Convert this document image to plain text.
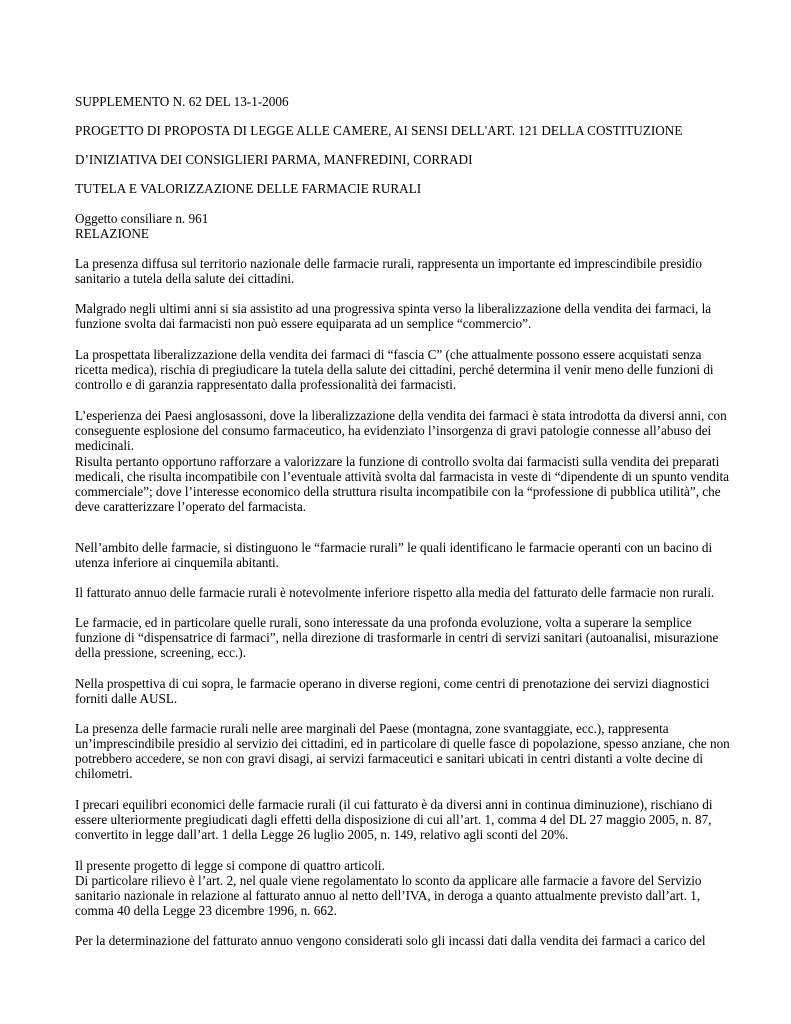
SUPPLEMENTO N. 62 DEL 13-1-2006
PROGETTO DI PROPOSTA DI LEGGE ALLE CAMERE, AI SENSI DELL'ART. 121 DELLA COSTITUZIONE
D’INIZIATIVA DEI CONSIGLIERI PARMA, MANFREDINI, CORRADI
TUTELA E VALORIZZAZIONE DELLE FARMACIE RURALI
Oggetto consiliare n. 961
RELAZIONE
La presenza diffusa sul territorio nazionale delle farmacie rurali, rappresenta un importante ed imprescindibile presidio
sanitario a tutela della salute dei cittadini.
Malgrado negli ultimi anni si sia assistito ad una progressiva spinta verso la liberalizzazione della vendita dei farmaci, la
funzione svolta dai farmacisti non può essere equiparata ad un semplice “commercio”.
La prospettata liberalizzazione della vendita dei farmaci di “fascia C” (che attualmente possono essere acquistati senza
ricetta medica), rischia di pregiudicare la tutela della salute dei cittadini, perché determina il venir meno delle funzioni di
controllo e di garanzia rappresentato dalla professionalità dei farmacisti.
L’esperienza dei Paesi anglosassoni, dove la liberalizzazione della vendita dei farmaci è stata introdotta da diversi anni, con
conseguente esplosione del consumo farmaceutico, ha evidenziato l’insorgenza di gravi patologie connesse all’abuso dei
medicinali.
Risulta pertanto opportuno rafforzare a valorizzare la funzione di controllo svolta dai farmacisti sulla vendita dei preparati
medicali, che risulta incompatibile con l’eventuale attività svolta dal farmacista in veste di “dipendente di un spunto vendita
commerciale”; dove l’interesse economico della struttura risulta incompatibile con la “professione di pubblica utilità”, che
deve caratterizzare l’operato del farmacista.
Nell’ambito delle farmacie, si distinguono le “farmacie rurali” le quali identificano le farmacie operanti con un bacino di
utenza inferiore ai cinquemila abitanti.
Il fatturato annuo delle farmacie rurali è notevolmente inferiore rispetto alla media del fatturato delle farmacie non rurali.
Le farmacie, ed in particolare quelle rurali, sono interessate da una profonda evoluzione, volta a superare la semplice
funzione di “dispensatrice di farmaci”, nella direzione di trasformarle in centri di servizi sanitari (autoanalisi, misurazione
della pressione, screening, ecc.).
Nella prospettiva di cui sopra, le farmacie operano in diverse regioni, come centri di prenotazione dei servizi diagnostici
forniti dalle AUSL.
La presenza delle farmacie rurali nelle aree marginali del Paese (montagna, zone svantaggiate, ecc.), rappresenta
un’imprescindibile presidio al servizio dei cittadini, ed in particolare di quelle fasce di popolazione, spesso anziane, che non
potrebbero accedere, se non con gravi disagi, ai servizi farmaceutici e sanitari ubicati in centri distanti a volte decine di
chilometri.
I precari equilibri economici delle farmacie rurali (il cui fatturato è da diversi anni in continua diminuzione), rischiano di
essere ulteriormente pregiudicati dagli effetti della disposizione di cui all’art. 1, comma 4 del DL 27 maggio 2005, n. 87,
convertito in legge dall’art. 1 della Legge 26 luglio 2005, n. 149, relativo agli sconti del 20%.
Il presente progetto di legge si compone di quattro articoli.
Di particolare rilievo è l’art. 2, nel quale viene regolamentato lo sconto da applicare alle farmacie a favore del Servizio
sanitario nazionale in relazione al fatturato annuo al netto dell’IVA, in deroga a quanto attualmente previsto dall’art. 1,
comma 40 della Legge 23 dicembre 1996, n. 662.
Per la determinazione del fatturato annuo vengono considerati solo gli incassi dati dalla vendita dei farmaci a carico del
